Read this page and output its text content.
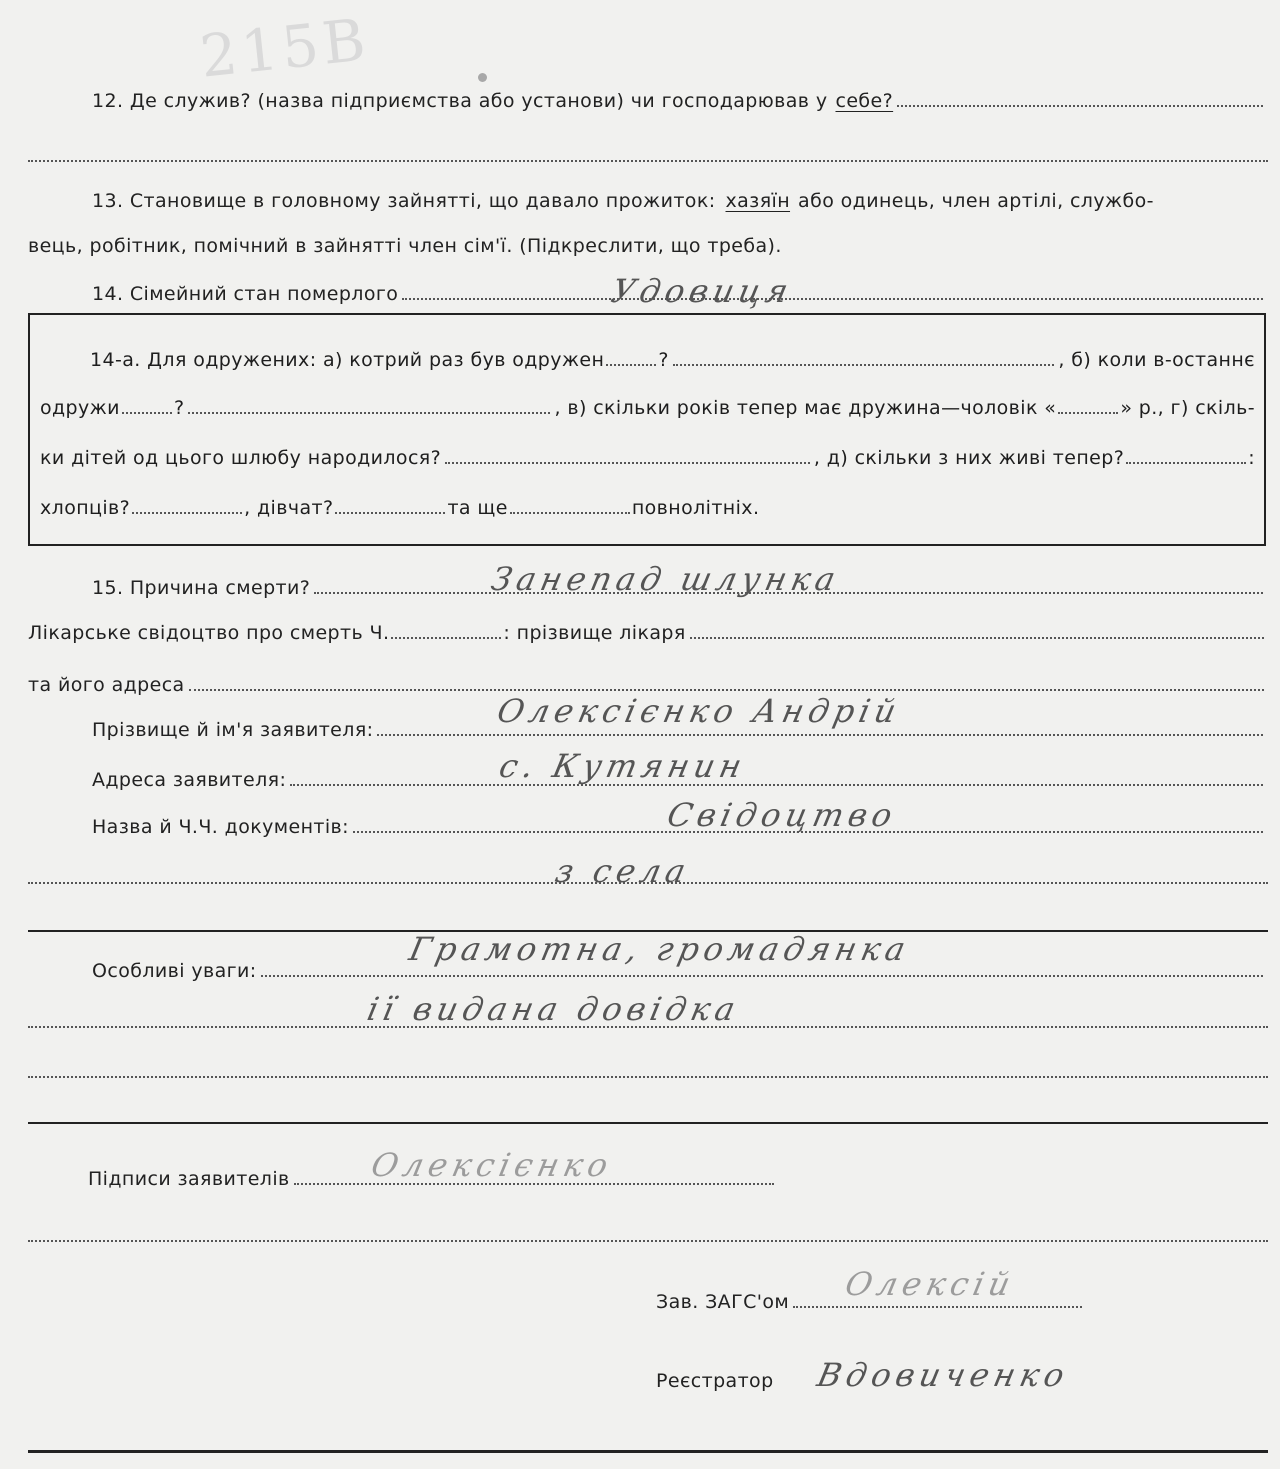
215В
12. Де служив? (назва підприємства або установи) чи господарював у себе?
13. Становище в головному зайнятті, що давало прожиток: хазяїн або одинець, член артілі, службо-
вець, робітник, помічний в зайнятті член сім'ї. (Підкреслити, що треба).
14. Сімейний стан померлого	Удовиця
14-а. Для одружених: а) котрий раз був одружен	?	, б) коли в-останнє
одружи	?	, в) скільки років тепер має дружина—чоловік «	» р., г) скіль-
ки дітей од цього шлюбу народилося?	, д) скільки з них живі тепер?	:
хлопців?	, дівчат?	та ще	повнолітніх.
15. Причина смерти?	Занепад шлунка
Лікарське свідоцтво про смерть Ч.	: прізвище лікаря
та його адреса
Прізвище й ім'я заявителя:	Олексієнко Андрій
Адреса заявителя:	с. Кутянин
Назва й Ч.Ч. документів:	Свідоцтво
з села
Особливі уваги:
Грамотна, громадянка
ії видана довідка
Підписи заявителів Олексієнко
Зав. ЗАГС'ом Олексій
Реєстратор Вдовиченко
